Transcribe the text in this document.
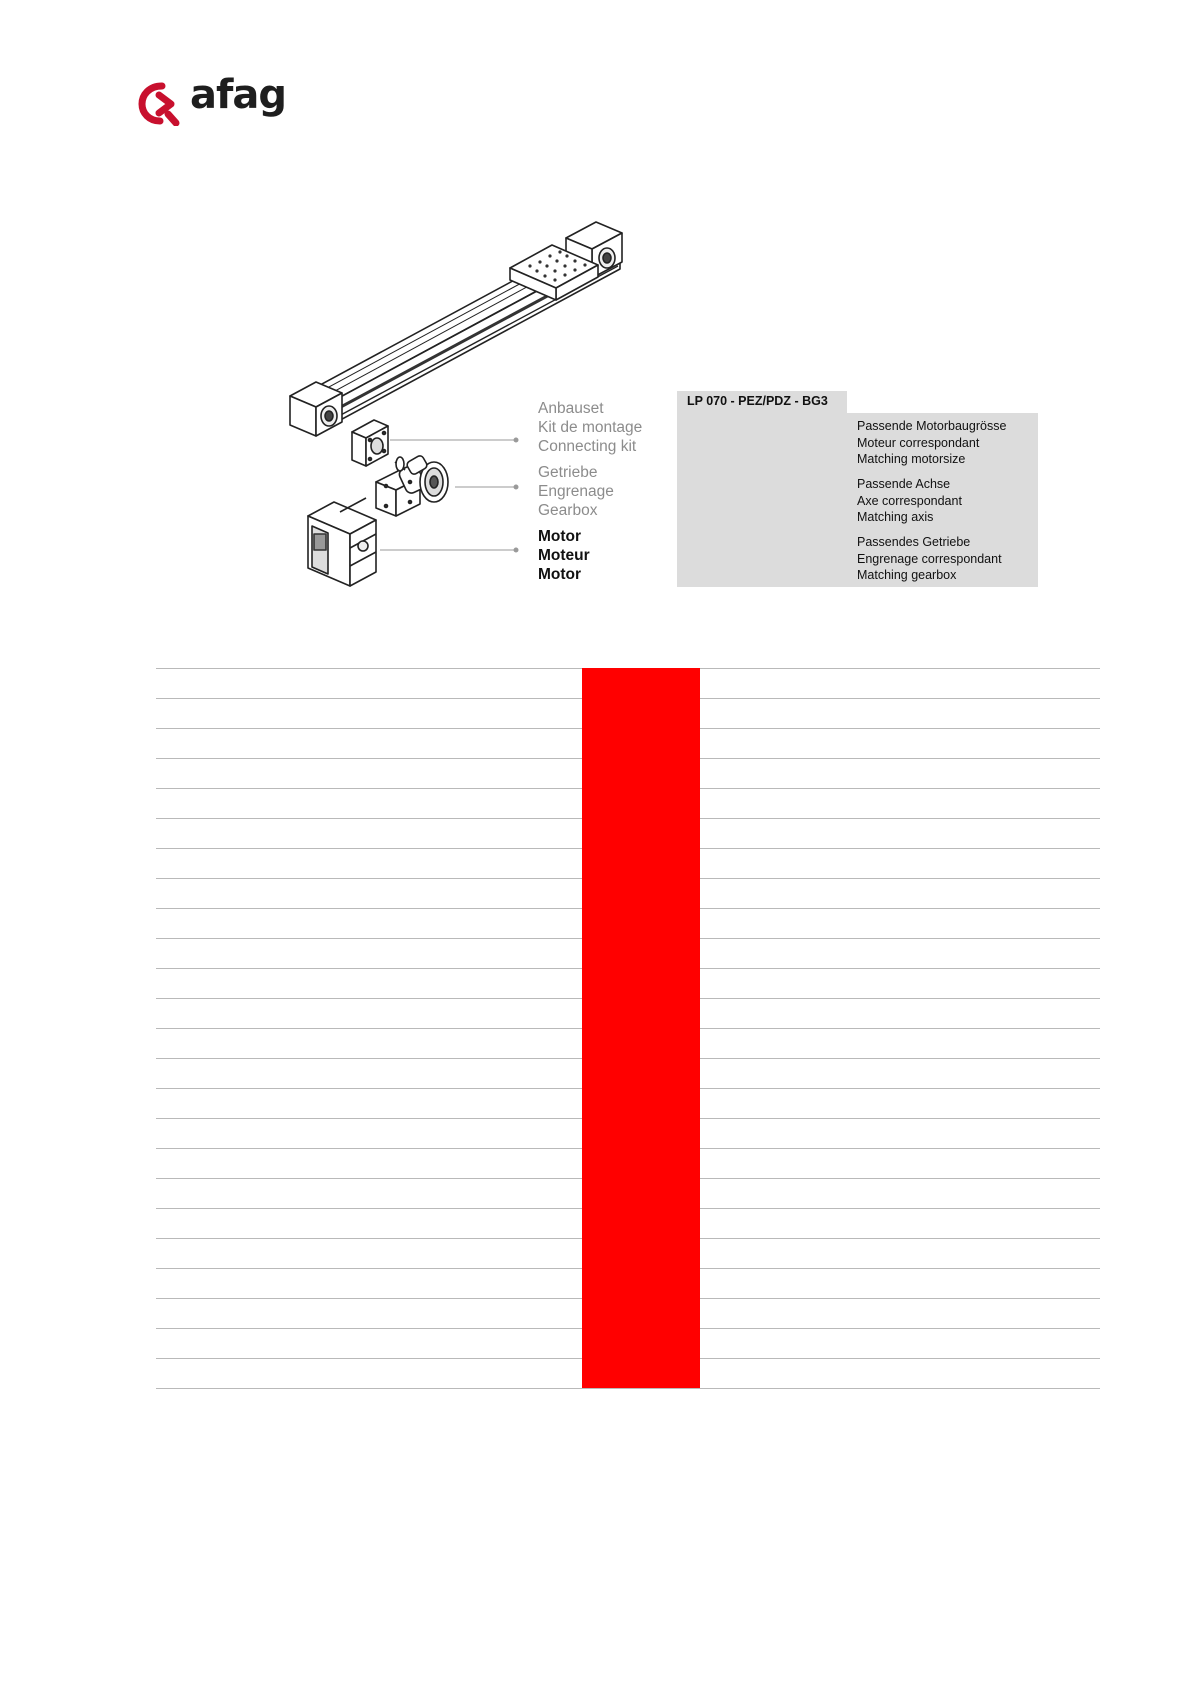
afag
Anbauset
Kit de montage
Connecting kit
Getriebe
Engrenage
Gearbox
Motor
Moteur
Motor
LP 070 - PEZ/PDZ - BG3
Passende Motorbaugrösse
Moteur correspondant
Matching motorsize
Passende Achse
Axe correspondant
Matching axis
Passendes Getriebe
Engrenage correspondant
Matching gearbox
